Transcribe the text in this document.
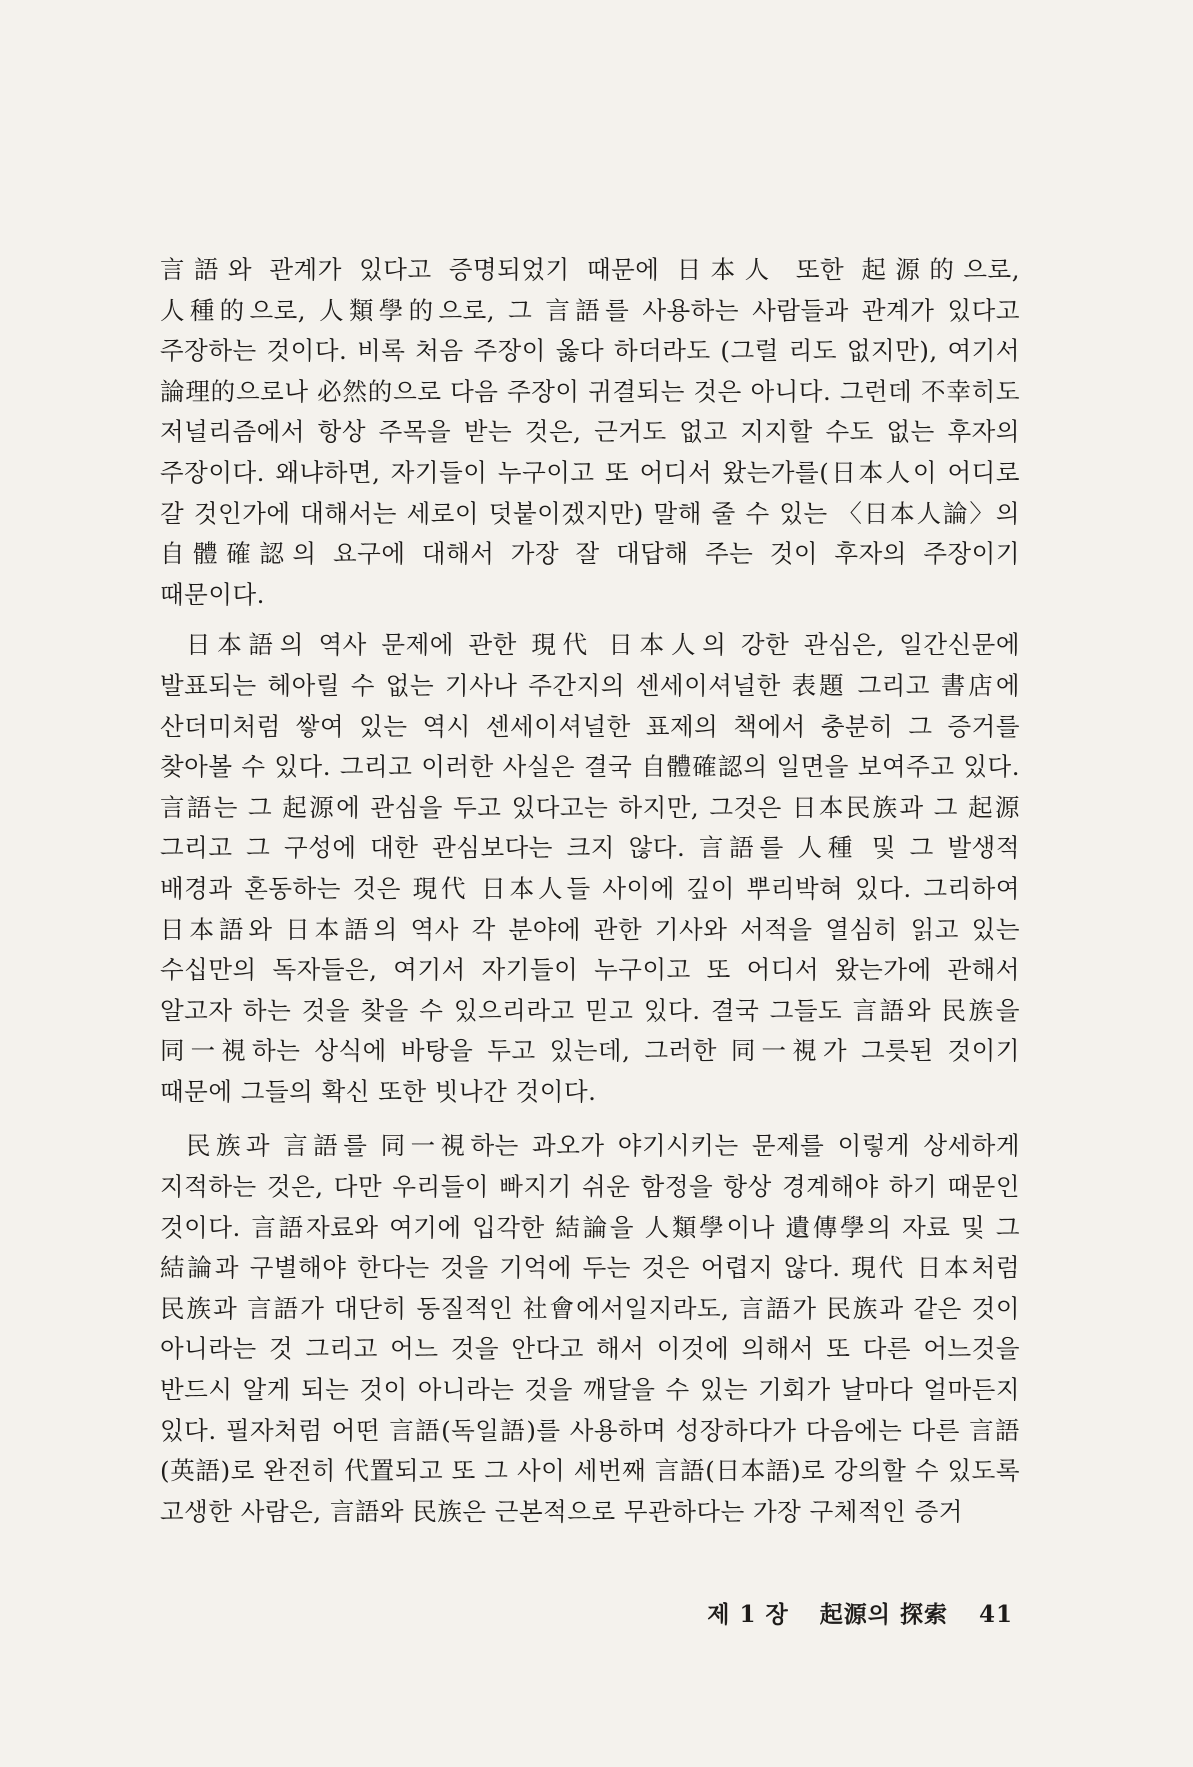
言語와 관계가 있다고 증명되었기 때문에 日本人 또한 起源的으로, 人種的으로, 人類學的으로, 그 言語를 사용하는 사람들과 관계가 있다고 주장하는 것이다. 비록 처음 주장이 옳다 하더라도 (그럴 리도 없지만), 여기서 論理的으로나 必然的으로 다음 주장이 귀결되는 것은 아니다. 그런데 不幸히도 저널리즘에서 항상 주목을 받는 것은, 근거도 없고 지지할 수도 없는 후자의 주장이다. 왜냐하면, 자기들이 누구이고 또 어디서 왔는가를(日本人이 어디로 갈 것인가에 대해서는 세로이 덧붙이겠지만) 말해 줄 수 있는 〈日本人論〉의 自體確認의 요구에 대해서 가장 잘 대답해 주는 것이 후자의 주장이기 때문이다.

日本語의 역사 문제에 관한 現代 日本人의 강한 관심은, 일간신문에 발표되는 헤아릴 수 없는 기사나 주간지의 센세이셔널한 表題 그리고 書店에 산더미처럼 쌓여 있는 역시 센세이셔널한 표제의 책에서 충분히 그 증거를 찾아볼 수 있다. 그리고 이러한 사실은 결국 自體確認의 일면을 보여주고 있다. 言語는 그 起源에 관심을 두고 있다고는 하지만, 그것은 日本民族과 그 起源 그리고 그 구성에 대한 관심보다는 크지 않다. 言語를 人種 및 그 발생적 배경과 혼동하는 것은 現代 日本人들 사이에 깊이 뿌리박혀 있다. 그리하여 日本語와 日本語의 역사 각 분야에 관한 기사와 서적을 열심히 읽고 있는 수십만의 독자들은, 여기서 자기들이 누구이고 또 어디서 왔는가에 관해서 알고자 하는 것을 찾을 수 있으리라고 믿고 있다. 결국 그들도 言語와 民族을 同一視하는 상식에 바탕을 두고 있는데, 그러한 同一視가 그릇된 것이기 때문에 그들의 확신 또한 빗나간 것이다.

民族과 言語를 同一視하는 과오가 야기시키는 문제를 이렇게 상세하게 지적하는 것은, 다만 우리들이 빠지기 쉬운 함정을 항상 경계해야 하기 때문인 것이다. 言語자료와 여기에 입각한 結論을 人類學이나 遺傳學의 자료 및 그 結論과 구별해야 한다는 것을 기억에 두는 것은 어렵지 않다. 現代 日本처럼 民族과 言語가 대단히 동질적인 社會에서일지라도, 言語가 民族과 같은 것이 아니라는 것 그리고 어느 것을 안다고 해서 이것에 의해서 또 다른 어느것을 반드시 알게 되는 것이 아니라는 것을 깨달을 수 있는 기회가 날마다 얼마든지 있다. 필자처럼 어떤 言語(독일語)를 사용하며 성장하다가 다음에는 다른 言語(英語)로 완전히 代置되고 또 그 사이 세번째 言語(日本語)로 강의할 수 있도록 고생한 사람은, 言語와 民族은 근본적으로 무관하다는 가장 구체적인 증거

제 1 장 起源의 探索 41
